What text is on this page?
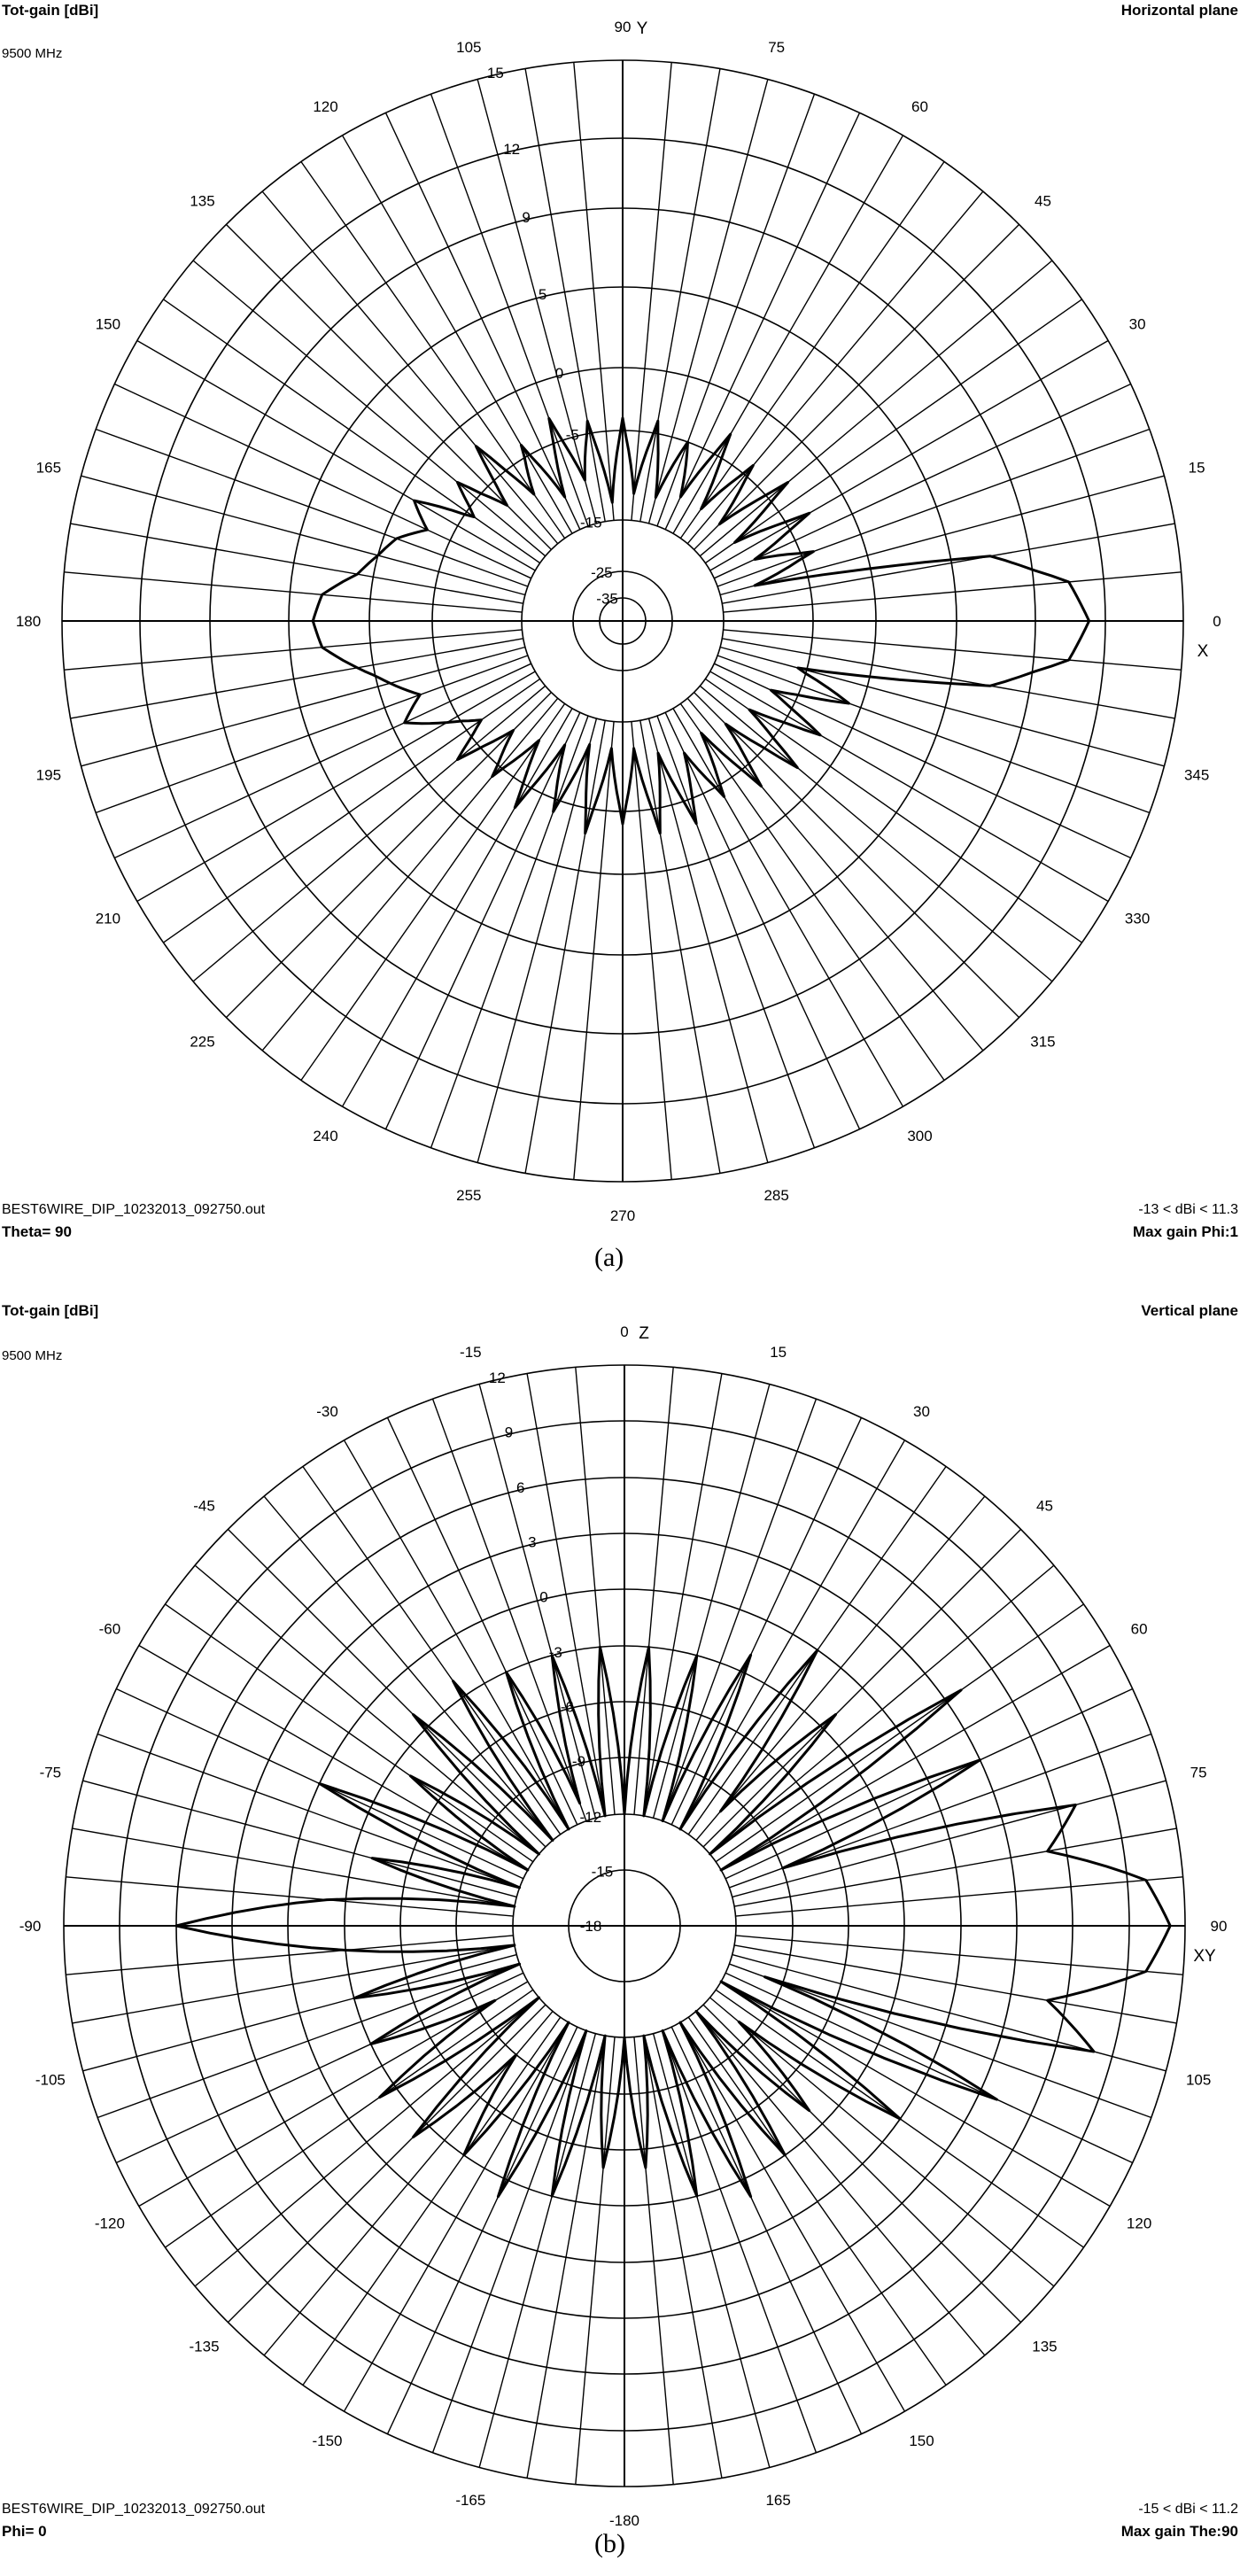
15
12
9
5
0
-5
-15
-25
-35
0
15
30
45
60
75
90
105
120
135
150
165
180
195
210
225
240
255
270
285
300
315
330
345
Y
X
Tot-gain [dBi]
9500 MHz
Horizontal plane
BEST6WIRE_DIP_10232013_092750.out
Theta= 90
-13 < dBi < 11.3
Max gain Phi:1
(a)
12
9
6
3
0
-3
-6
-9
-12
-15
-18
0
15
30
45
60
75
90
105
120
135
150
165
-180
-165
-150
-135
-120
-105
-90
-75
-60
-45
-30
-15
Z
XY
Tot-gain [dBi]
9500 MHz
Vertical plane
BEST6WIRE_DIP_10232013_092750.out
Phi= 0
-15 < dBi < 11.2
Max gain The:90
(b)
